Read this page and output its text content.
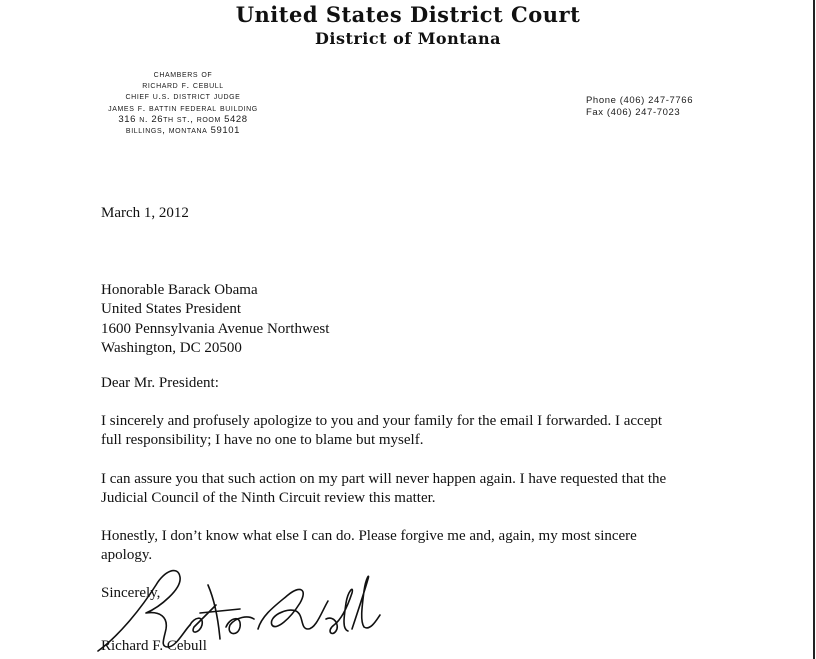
United States District Court
District of Montana
chambers of
richard f. cebull
chief u.s. district judge
james f. battin federal building
316 n. 26th st., room 5428
billings, montana 59101
Phone (406) 247-7766
Fax (406) 247-7023
March 1, 2012
Honorable Barack Obama
United States President
1600 Pennsylvania Avenue Northwest
Washington, DC 20500
Dear Mr. President:
I sincerely and profusely apologize to you and your family for the email I forwarded. I accept
full responsibility; I have no one to blame but myself.
I can assure you that such action on my part will never happen again. I have requested that the
Judicial Council of the Ninth Circuit review this matter.
Honestly, I don’t know what else I can do. Please forgive me and, again, my most sincere
apology.
Sincerely,
Richard F. Cebull
